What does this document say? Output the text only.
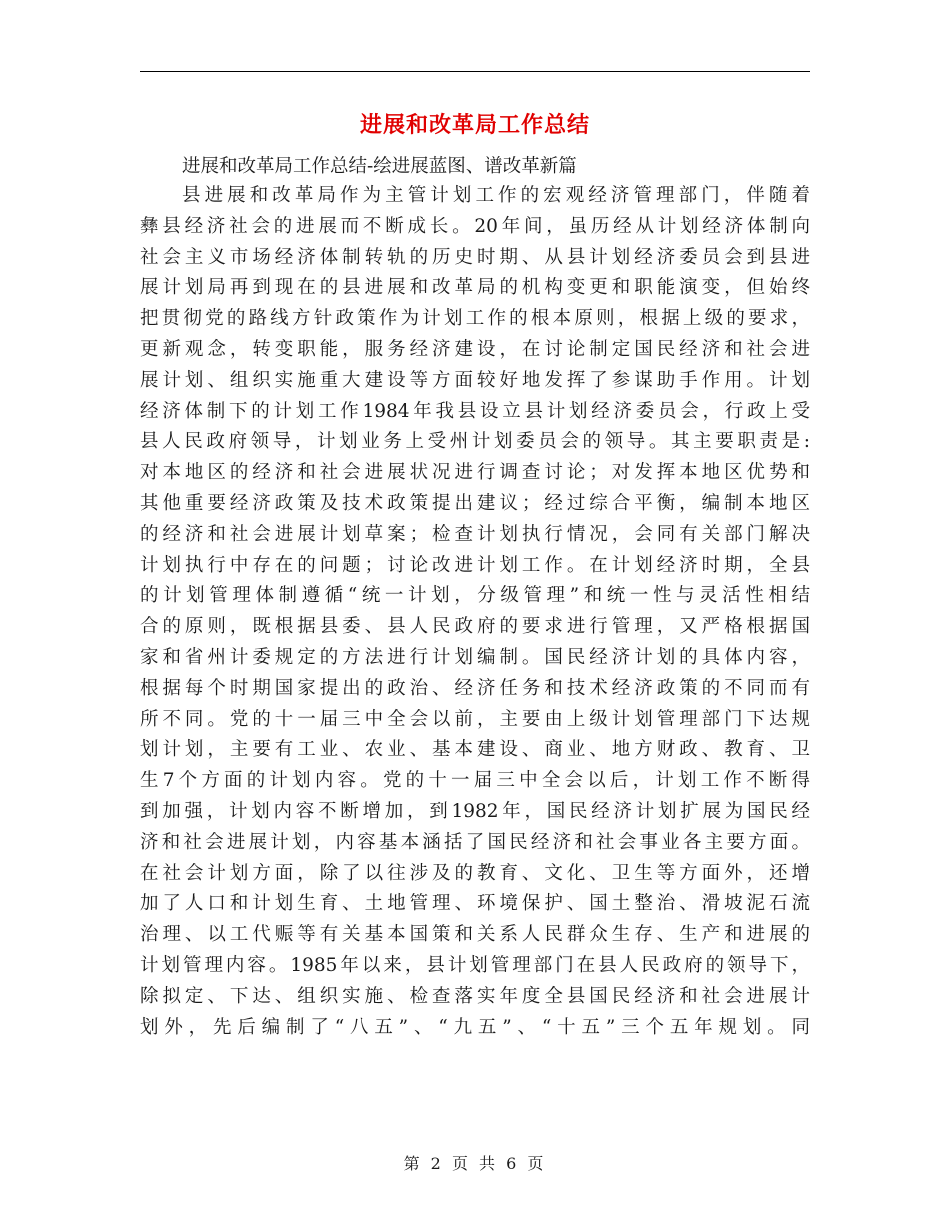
进展和改革局工作总结

进展和改革局工作总结-绘进展蓝图、谱改革新篇

县进展和改革局作为主管计划工作的宏观经济管理部门，伴随着
彝县经济社会的进展而不断成长。20年间，虽历经从计划经济体制向
社会主义市场经济体制转轨的历史时期、从县计划经济委员会到县进
展计划局再到现在的县进展和改革局的机构变更和职能演变，但始终
把贯彻党的路线方针政策作为计划工作的根本原则，根据上级的要求，
更新观念，转变职能，服务经济建设，在讨论制定国民经济和社会进
展计划、组织实施重大建设等方面较好地发挥了参谋助手作用。计划
经济体制下的计划工作1984年我县设立县计划经济委员会，行政上受
县人民政府领导，计划业务上受州计划委员会的领导。其主要职责是:
对本地区的经济和社会进展状况进行调查讨论；对发挥本地区优势和
其他重要经济政策及技术政策提出建议；经过综合平衡，编制本地区
的经济和社会进展计划草案；检查计划执行情况，会同有关部门解决
计划执行中存在的问题；讨论改进计划工作。在计划经济时期，全县
的计划管理体制遵循“统一计划，分级管理”和统一性与灵活性相结
合的原则，既根据县委、县人民政府的要求进行管理，又严格根据国
家和省州计委规定的方法进行计划编制。国民经济计划的具体内容，
根据每个时期国家提出的政治、经济任务和技术经济政策的不同而有
所不同。党的十一届三中全会以前，主要由上级计划管理部门下达规
划计划，主要有工业、农业、基本建设、商业、地方财政、教育、卫
生7个方面的计划内容。党的十一届三中全会以后，计划工作不断得
到加强，计划内容不断增加，到1982年，国民经济计划扩展为国民经
济和社会进展计划，内容基本涵括了国民经济和社会事业各主要方面。
在社会计划方面，除了以往涉及的教育、文化、卫生等方面外，还增
加了人口和计划生育、土地管理、环境保护、国土整治、滑坡泥石流
治理、以工代赈等有关基本国策和关系人民群众生存、生产和进展的
计划管理内容。1985年以来，县计划管理部门在县人民政府的领导下，
除拟定、下达、组织实施、检查落实年度全县国民经济和社会进展计
划外，先后编制了“八五”、“九五”、“十五”三个五年规划。同
第 2 页 共 6 页
